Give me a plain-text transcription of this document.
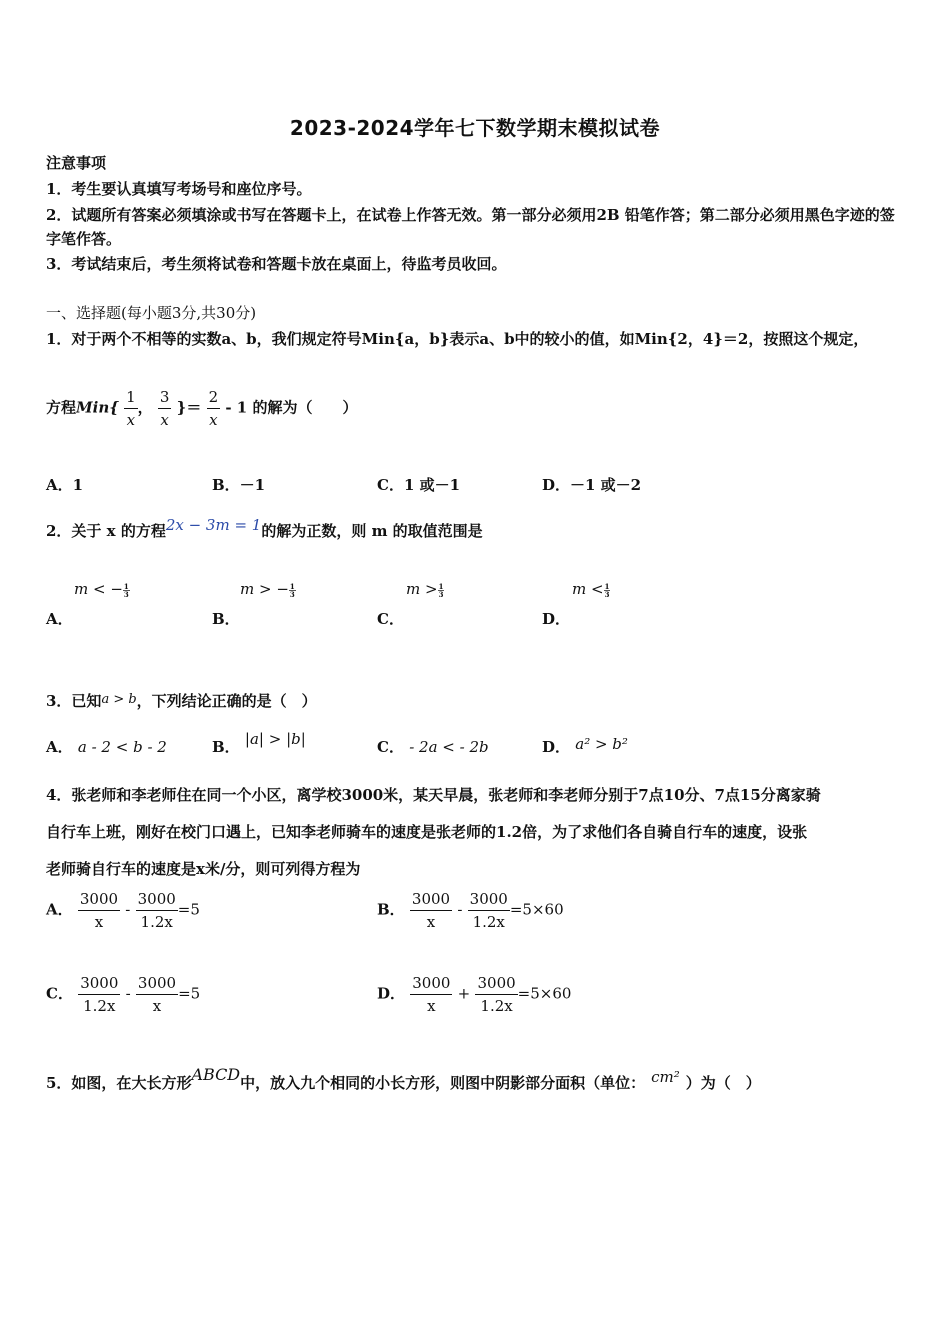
2023-2024学年七下数学期末模拟试卷
注意事项
1．考生要认真填写考场号和座位序号。
2．试题所有答案必须填涂或书写在答题卡上，在试卷上作答无效。第一部分必须用2B 铅笔作答；第二部分必须用黑色字迹的签字笔作答。
3．考试结束后，考生须将试卷和答题卡放在桌面上，待监考员收回。
一、选择题(每小题3分,共30分)
1．对于两个不相等的实数a、b，我们规定符号Min{a，b}表示a、b中的较小的值，如Min{2，4}＝2，按照这个规定，
方程$Min\{ \frac{1}{x}$ ， $\frac{3}{x}$ }＝ $\frac{2}{x} - 1$ 的解为（　　）
A．1	B．－1	C．1 或－1	D．－1 或－2
2．关于 x 的方程2x − 3m = 1的解为正数，则 m 的取值范围是
m < − $\frac{1}{3}$	m > − $\frac{1}{3}$	$m > \frac{1}{3}$	$m < \frac{1}{3}$
A．	B．	C．	D．
3．已知a > b，下列结论正确的是（　）
A． a - 2 < b - 2	B． |a| > |b|	C． - 2a < - 2b	D． a² > b²
4．张老师和李老师住在同一个小区，离学校3000米，某天早晨，张老师和李老师分别于7点10分、7点15分离家骑
自行车上班，刚好在校门口遇上，已知李老师骑车的速度是张老师的1.2倍，为了求他们各自骑自行车的速度，设张
老师骑自行车的速度是x米/分，则可列得方程为
A． $\frac{3000}{x} - \frac{3000}{1.2x} =5$	B． $\frac{3000}{x} - \frac{3000}{1.2x} =5\times 60$
C． $\frac{3000}{1.2x} - \frac{3000}{x} =5$	D． $\frac{3000}{x} + \frac{3000}{1.2x} =5\times 60$
5．如图，在大长方形ABCD中，放入九个相同的小长方形，则图中阴影部分面积（单位： cm² ）为（　）
